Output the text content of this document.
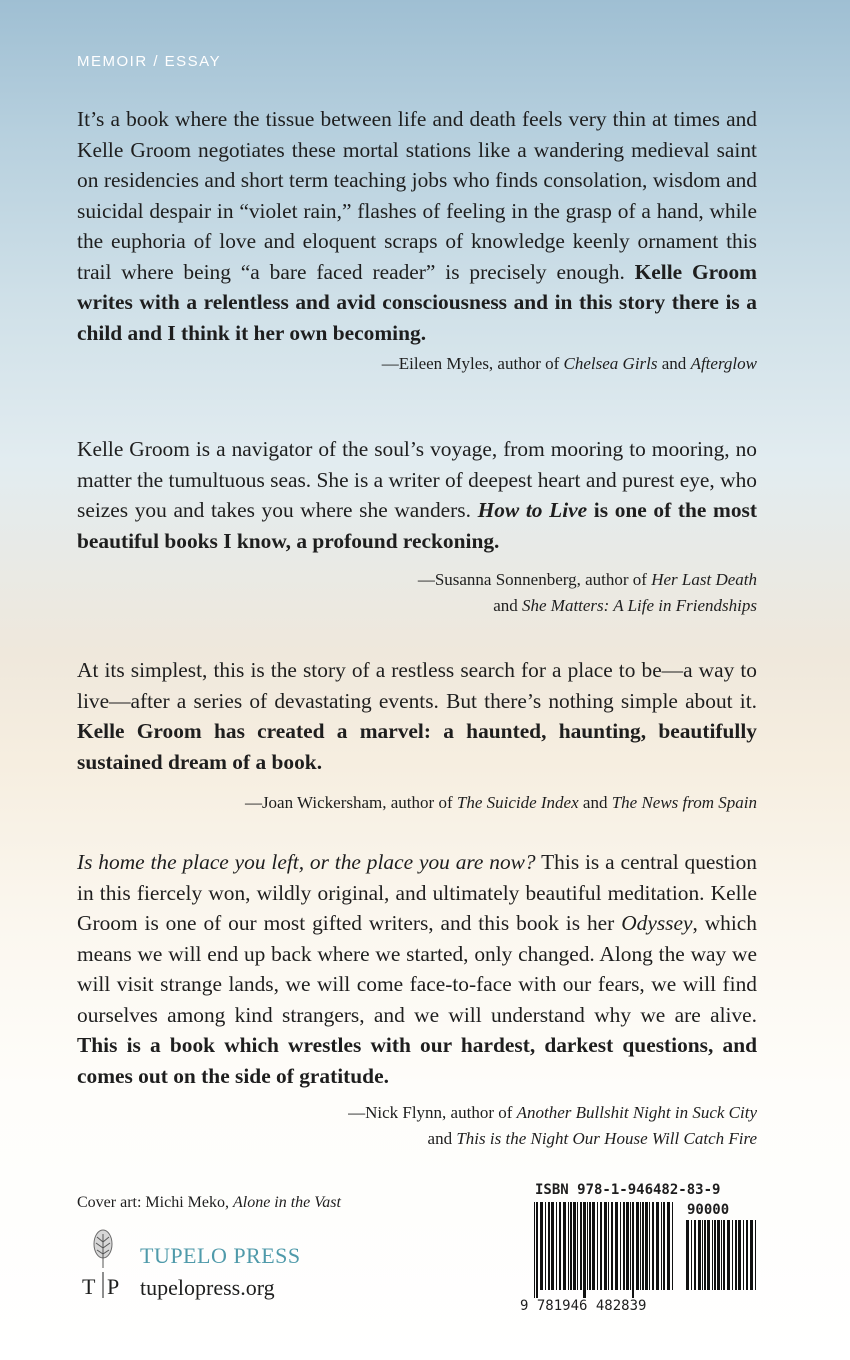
MEMOIR / ESSAY

It’s a book where the tissue between life and death feels very thin at times and Kelle Groom negotiates these mortal stations like a wandering medieval saint on residencies and short term teaching jobs who finds consolation, wisdom and suicidal despair in “violet rain,” flashes of feeling in the grasp of a hand, while the euphoria of love and eloquent scraps of knowledge keenly ornament this trail where being “a bare faced reader” is precisely enough. Kelle Groom writes with a relentless and avid consciousness and in this story there is a child and I think it her own becoming.

—Eileen Myles, author of Chelsea Girls and Afterglow

Kelle Groom is a navigator of the soul’s voyage, from mooring to mooring, no matter the tumultuous seas. She is a writer of deepest heart and purest eye, who seizes you and takes you where she wanders. How to Live is one of the most beautiful books I know, a profound reckoning.

—Susanna Sonnenberg, author of Her Last Death
and She Matters: A Life in Friendships

At its simplest, this is the story of a restless search for a place to be—a way to live—after a series of devastating events. But there’s nothing simple about it. Kelle Groom has created a marvel: a haunted, haunting, beautifully sustained dream of a book.

—Joan Wickersham, author of The Suicide Index and The News from Spain

Is home the place you left, or the place you are now? This is a central question in this fiercely won, wildly original, and ultimately beautiful meditation. Kelle Groom is one of our most gifted writers, and this book is her Odyssey, which means we will end up back where we started, only changed. Along the way we will visit strange lands, we will come face-to-face with our fears, we will find ourselves among kind strangers, and we will understand why we are alive. This is a book which wrestles with our hardest, darkest questions, and comes out on the side of gratitude.

—Nick Flynn, author of Another Bullshit Night in Suck City
and This is the Night Our House Will Catch Fire
Cover art: Michi Meko, Alone in the Vast
T P
TUPELO PRESS
tupelopress.org
ISBN 978-1-946482-83-9
90000
9 781946 482839
